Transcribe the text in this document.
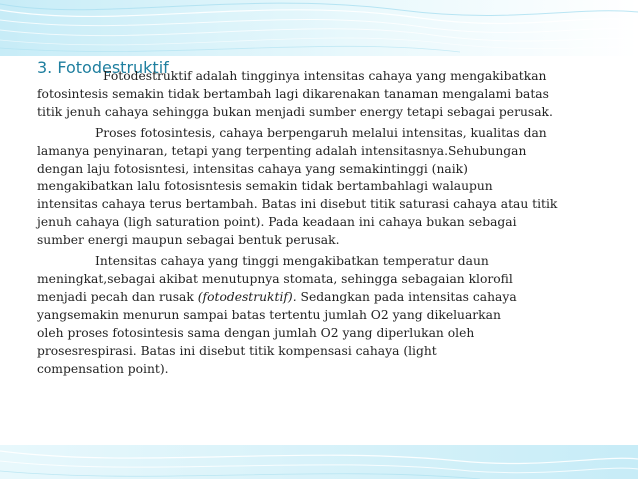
3. Fotodestruktif

Fotodestruktif adalah tingginya intensitas cahaya yang mengakibatkan
fotosintesis semakin tidak bertambah lagi dikarenakan tanaman mengalami batas
titik jenuh cahaya sehingga bukan menjadi sumber energy tetapi sebagai perusak.

Proses fotosintesis, cahaya berpengaruh melalui intensitas, kualitas dan
lamanya penyinaran, tetapi yang terpenting adalah intensitasnya.Sehubungan
dengan laju fotosisntesi, intensitas cahaya yang semakintinggi (naik)
mengakibatkan lalu fotosisntesis semakin tidak bertambahlagi walaupun
intensitas cahaya terus bertambah. Batas ini disebut titik saturasi cahaya atau titik
jenuh cahaya (ligh saturation point). Pada keadaan ini cahaya bukan sebagai
sumber energi maupun sebagai bentuk perusak.

Intensitas cahaya yang tinggi mengakibatkan temperatur daun
meningkat,sebagai akibat menutupnya stomata, sehingga sebagaian klorofil
menjadi pecah dan rusak (fotodestruktif). Sedangkan pada intensitas cahaya
yangsemakin menurun sampai batas tertentu jumlah O2 yang dikeluarkan
oleh proses fotosintesis sama dengan jumlah O2 yang diperlukan oleh
prosesrespirasi. Batas ini disebut titik kompensasi cahaya (light
compensation point).
